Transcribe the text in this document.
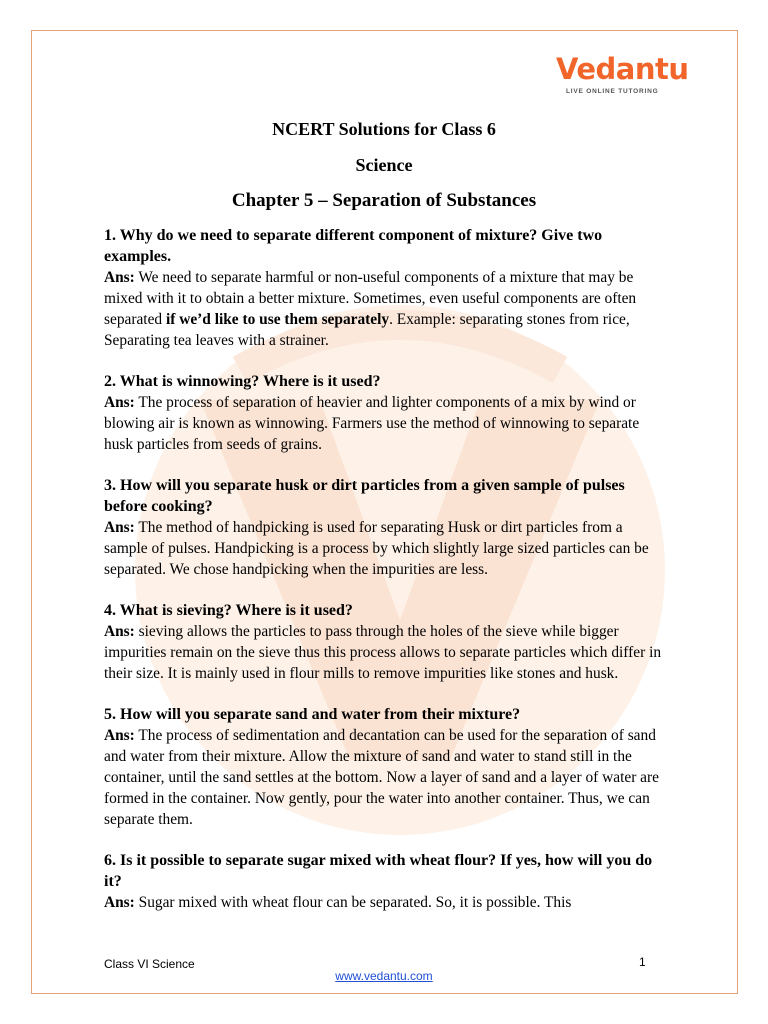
Vedantu
LIVE ONLINE TUTORING
NCERT Solutions for Class 6
Science
Chapter 5 – Separation of Substances
1. Why do we need to separate different component of mixture? Give two examples.
Ans: We need to separate harmful or non-useful components of a mixture that may be mixed with it to obtain a better mixture. Sometimes, even useful components are often separated if we’d like to use them separately. Example: separating stones from rice, Separating tea leaves with a strainer.
2. What is winnowing? Where is it used?
Ans: The process of separation of heavier and lighter components of a mix by wind or blowing air is known as winnowing. Farmers use the method of winnowing to separate husk particles from seeds of grains.
3. How will you separate husk or dirt particles from a given sample of pulses before cooking?
Ans: The method of handpicking is used for separating Husk or dirt particles from a sample of pulses. Handpicking is a process by which slightly large sized particles can be separated. We chose handpicking when the impurities are less.
4. What is sieving? Where is it used?
Ans: sieving allows the particles to pass through the holes of the sieve while bigger impurities remain on the sieve thus this process allows to separate particles which differ in their size. It is mainly used in flour mills to remove impurities like stones and husk.
5. How will you separate sand and water from their mixture?
Ans: The process of sedimentation and decantation can be used for the separation of sand and water from their mixture. Allow the mixture of sand and water to stand still in the container, until the sand settles at the bottom. Now a layer of sand and a layer of water are formed in the container. Now gently, pour the water into another container. Thus, we can separate them.
6. Is it possible to separate sugar mixed with wheat flour? If yes, how will you do it?
Ans: Sugar mixed with wheat flour can be separated. So, it is possible. This
Class VI Science	1
www.vedantu.com
